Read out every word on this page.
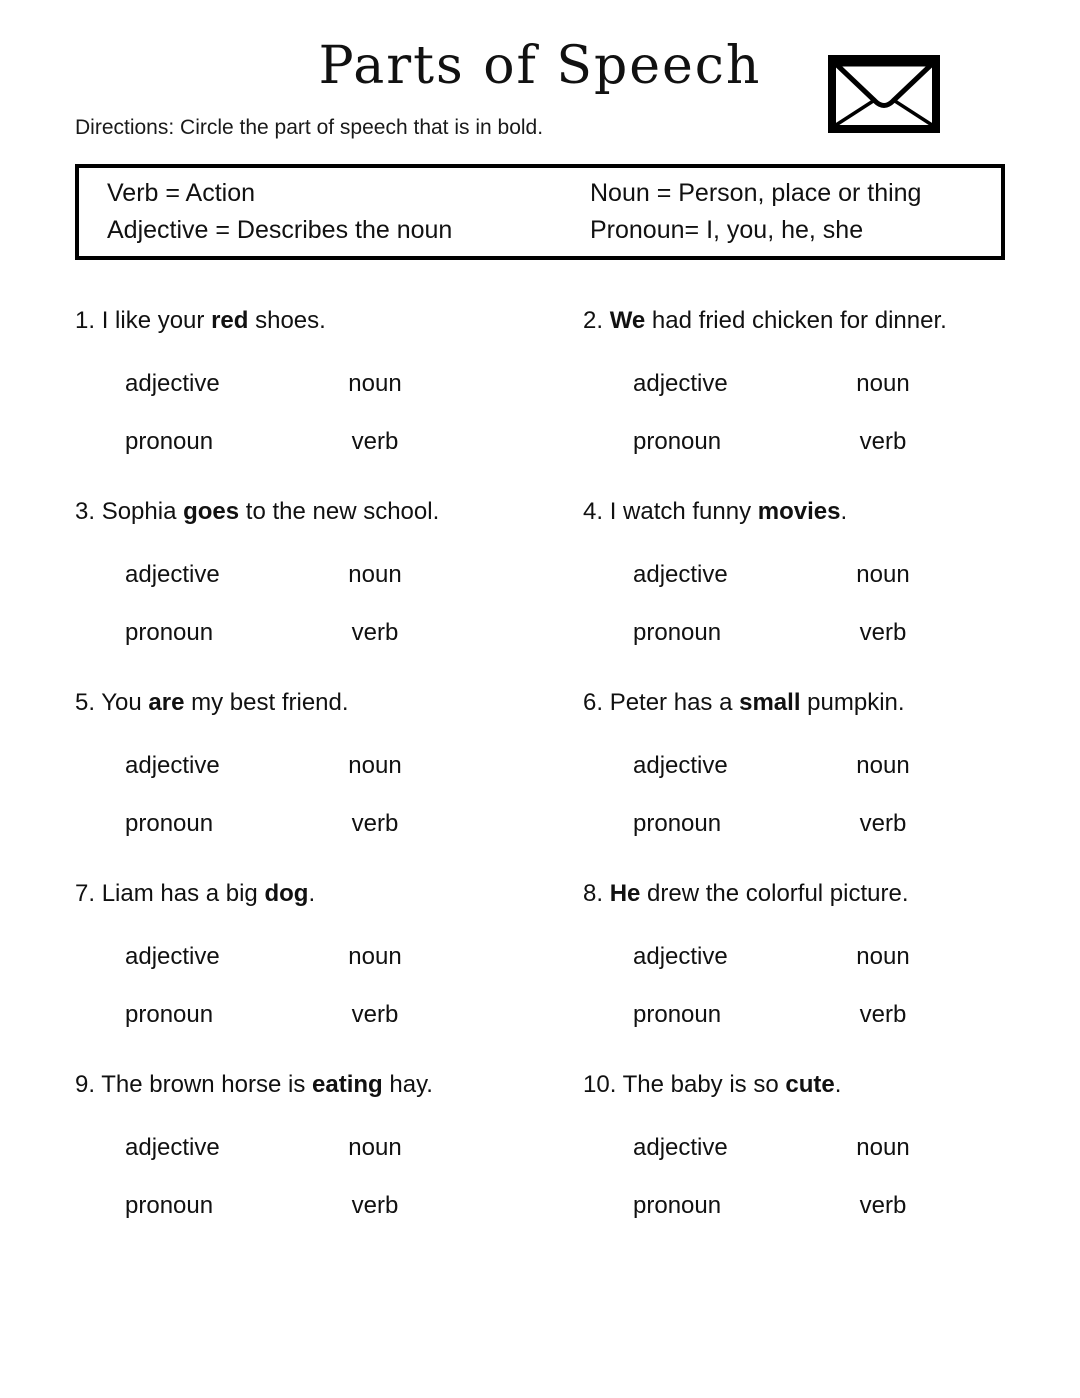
Parts of Speech

Directions: Circle the part of speech that is in bold.

Verb = Action

Adjective = Describes the noun

Noun = Person, place or thing

Pronoun= I, you, he, she

1. I like your red shoes.

adjective	noun
pronoun	verb

2. We had fried chicken for dinner.

adjective	noun
pronoun	verb

3. Sophia goes to the new school.

adjective	noun
pronoun	verb

4. I watch funny movies.

adjective	noun
pronoun	verb

5. You are my best friend.

adjective	noun
pronoun	verb

6. Peter has a small pumpkin.

adjective	noun
pronoun	verb

7. Liam has a big dog.

adjective	noun
pronoun	verb

8. He drew the colorful picture.

adjective	noun
pronoun	verb

9. The brown horse is eating hay.

adjective	noun
pronoun	verb

10. The baby is so cute.

adjective	noun
pronoun	verb
